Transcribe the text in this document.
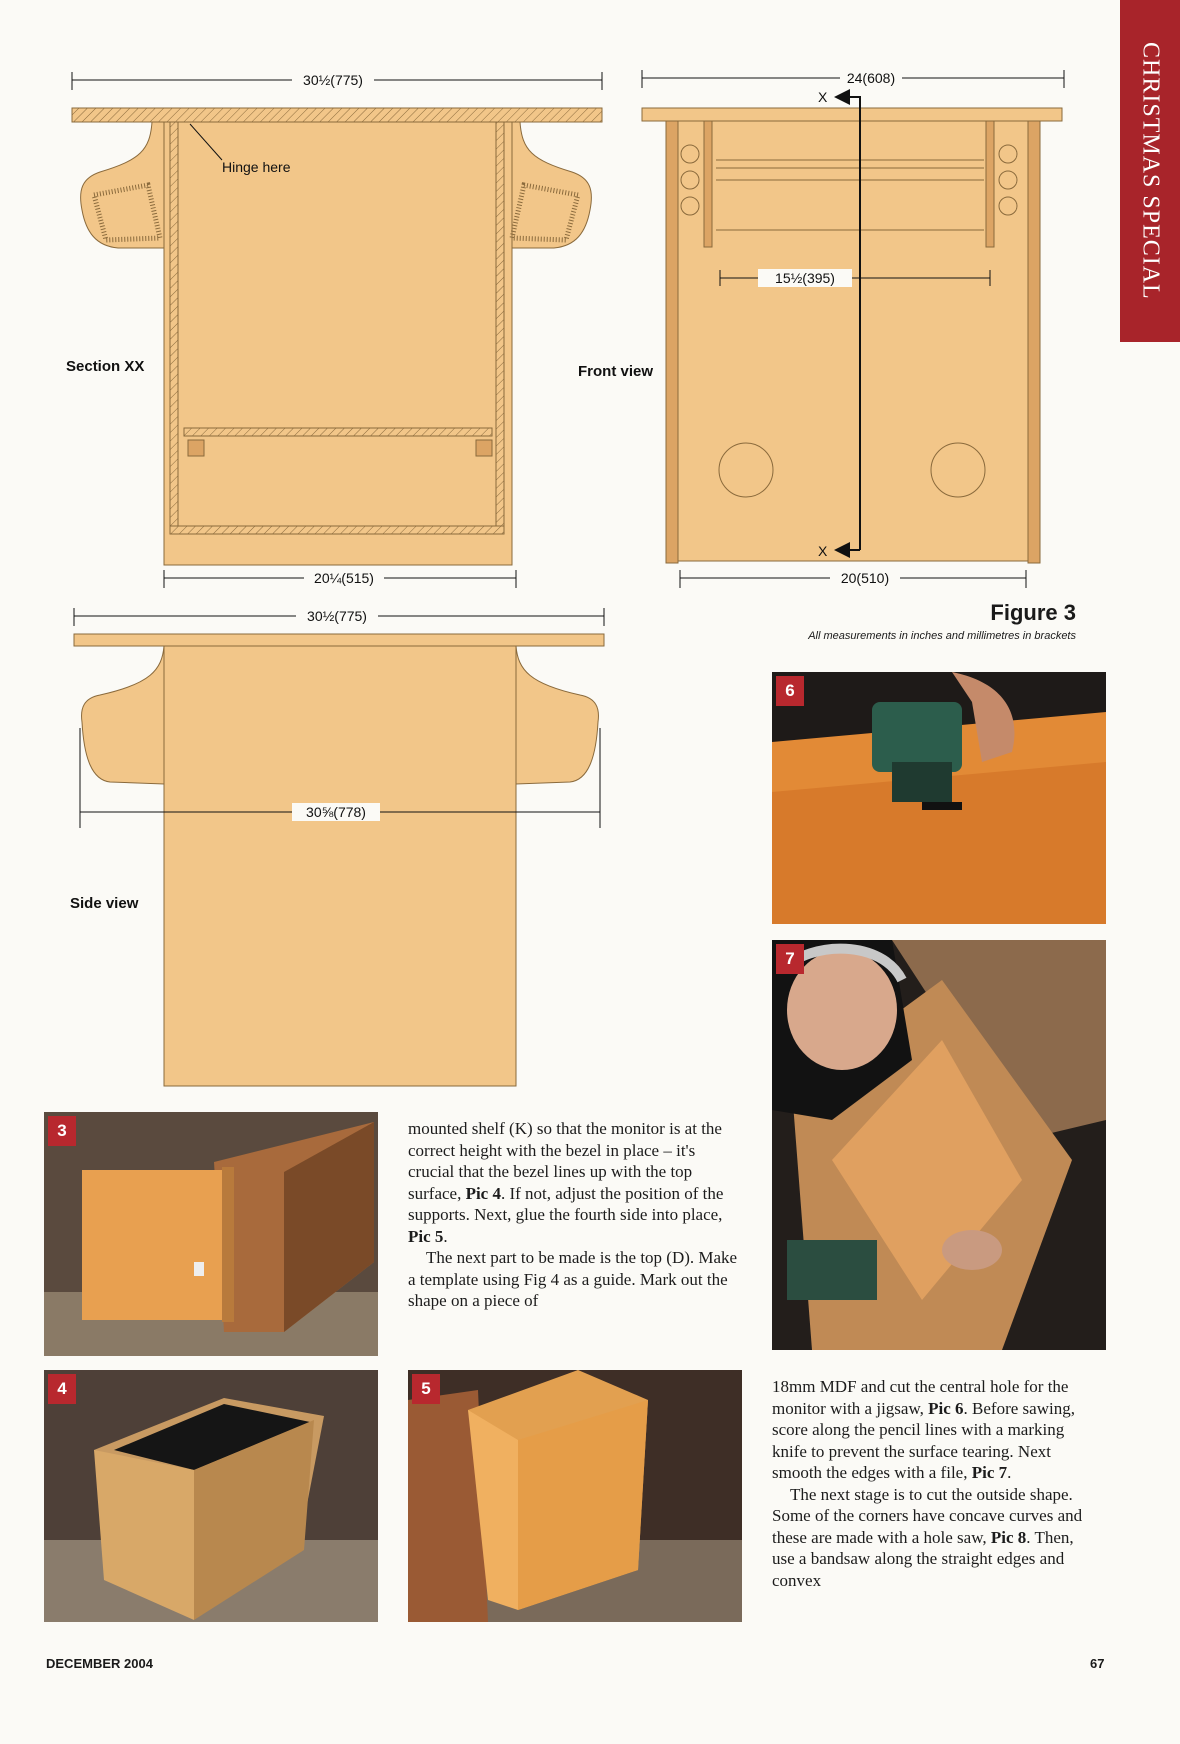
CHRISTMAS SPECIAL
30½(775)
Hinge here
Section XX
20¼(515)
24(608)
15½(395)
X
X
Front view
20(510)
30½(775)
30⅝(778)
Side view
Figure 3
All measurements in inches and millimetres in brackets
6
7
3
4	5

mounted shelf (K) so that the monitor is at the correct height with the bezel in place – it's crucial that the bezel lines up with the top surface, Pic 4. If not, adjust the position of the supports. Next, glue the fourth side into place, Pic 5.

The next part to be made is the top (D). Make a template using Fig 4 as a guide. Mark out the shape on a piece of

18mm MDF and cut the central hole for the monitor with a jigsaw, Pic 6. Before sawing, score along the pencil lines with a marking knife to prevent the surface tearing. Next smooth the edges with a file, Pic 7.

The next stage is to cut the outside shape. Some of the corners have concave curves and these are made with a hole saw, Pic 8. Then, use a bandsaw along the straight edges and convex

DECEMBER 2004	67
